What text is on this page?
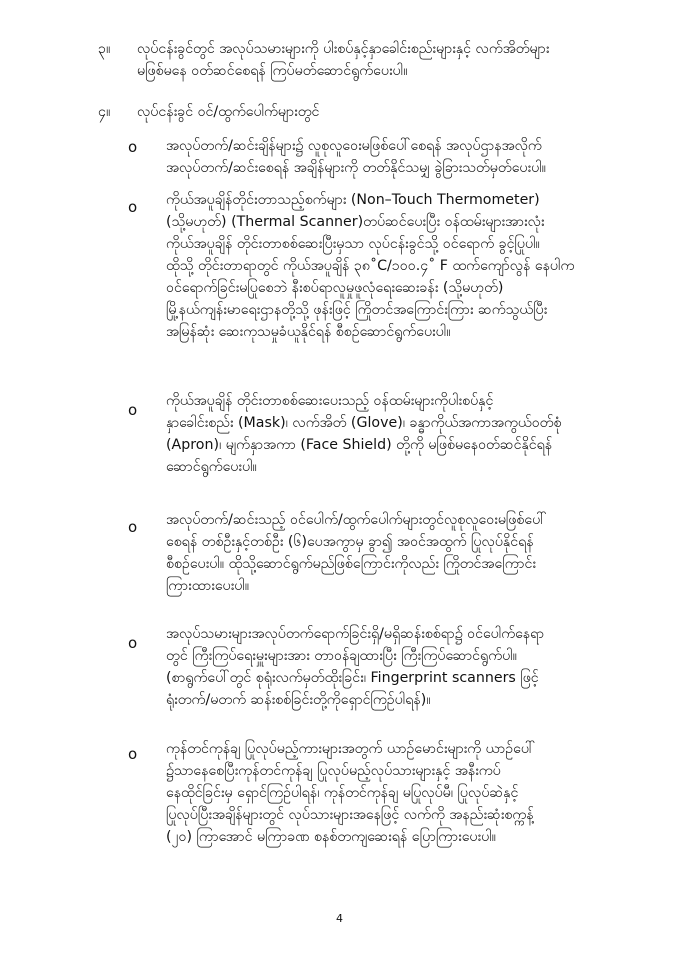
၃။ လုပ်ငန်းခွင်တွင် အလုပ်သမားများကို ပါးစပ်နှင့်နှာခေါင်းစည်းများနှင့် လက်အိတ်များ
မဖြစ်မနေ ဝတ်ဆင်စေရန် ကြပ်မတ်ဆောင်ရွက်ပေးပါ။
၄။ လုပ်ငန်းခွင် ဝင်/ထွက်ပေါက်များတွင်
o အလုပ်တက်/ဆင်းချိန်များ၌ လူစုလူဝေးမဖြစ်ပေါ်စေရန် အလုပ်ဌာနအလိုက်
အလုပ်တက်/ဆင်းစေရန် အချိန်များကို တတ်နိုင်သမျှ ခွဲခြားသတ်မှတ်ပေးပါ။
o ကိုယ်အပူချိန်တိုင်းတာသည့်စက်များ (Non–Touch Thermometer)
(သို့မဟုတ်) (Thermal Scanner)တပ်ဆင်ပေးပြီး ဝန်ထမ်းများအားလုံး
ကိုယ်အပူချိန် တိုင်းတာစစ်ဆေးပြီးမှသာ လုပ်ငန်းခွင်သို့ ဝင်ရောက် ခွင့်ပြုပါ။
ထိုသို့ တိုင်းတာရာတွင် ကိုယ်အပူချိန် ၃၈˚C/၁၀၀.၄˚ F ထက်ကျော်လွန် နေပါက
ဝင်ရောက်ခြင်းမပြုစေဘဲ နီးစပ်ရာလူမှုဖူလုံရေးဆေးခန်း (သို့မဟုတ်)
မြို့နယ်ကျန်းမာရေးဌာနတို့သို့ ဖုန်းဖြင့် ကြိုတင်အကြောင်းကြား ဆက်သွယ်ပြီး
အမြန်ဆုံး ဆေးကုသမှုခံယူနိုင်ရန် စီစဉ်ဆောင်ရွက်ပေးပါ။
o ကိုယ်အပူချိန် တိုင်းတာစစ်ဆေးပေးသည့် ဝန်ထမ်းများကိုပါးစပ်နှင့်
နှာခေါင်းစည်း (Mask)၊ လက်အိတ် (Glove)၊ ခန္ဓာကိုယ်အကာအကွယ်ဝတ်စုံ
(Apron)၊ မျက်နှာအကာ (Face Shield) တို့ကို မဖြစ်မနေဝတ်ဆင်နိုင်ရန်
ဆောင်ရွက်ပေးပါ။
o အလုပ်တက်/ဆင်းသည့် ဝင်ပေါက်/ထွက်ပေါက်များတွင်လူစုလူဝေးမဖြစ်ပေါ်
စေရန် တစ်ဦးနှင့်တစ်ဦး (၆)ပေအကွာမှ ခွာ၍ အဝင်အထွက် ပြုလုပ်နိုင်ရန်
စီစဉ်ပေးပါ။ ထိုသို့ဆောင်ရွက်မည်ဖြစ်ကြောင်းကိုလည်း ကြိုတင်အကြောင်း
ကြားထားပေးပါ။
o အလုပ်သမားများအလုပ်တက်ရောက်ခြင်းရှိ/မရှိဆန်းစစ်ရာ၌ ဝင်ပေါက်နေရာ
တွင် ကြီးကြပ်ရေးမှူးများအား တာဝန်ချထားပြီး ကြီးကြပ်ဆောင်ရွက်ပါ။
(စာရွက်ပေါ်တွင် စုရုံးလက်မှတ်ထိုးခြင်း၊ Fingerprint scanners ဖြင့်
ရုံးတက်/မတက် ဆန်းစစ်ခြင်းတို့ကိုရှောင်ကြဉ်ပါရန်)။
o ကုန်တင်ကုန်ချ ပြုလုပ်မည့်ကားများအတွက် ယာဉ်မောင်းများကို ယာဉ်ပေါ်
၌သာနေစေပြီးကုန်တင်ကုန်ချ ပြုလုပ်မည့်လုပ်သားများနှင့် အနီးကပ်
နေထိုင်ခြင်းမှ ရှောင်ကြဉ်ပါရန်၊ ကုန်တင်ကုန်ချ မပြုလုပ်မီ၊ ပြုလုပ်ဆဲနှင့်
ပြုလုပ်ပြီးအချိန်များတွင် လုပ်သားများအနေဖြင့် လက်ကို အနည်းဆုံးစက္ကန့်
(၂၀) ကြာအောင် မကြာခဏ စနစ်တကျဆေးရန် ပြောကြားပေးပါ။
4
